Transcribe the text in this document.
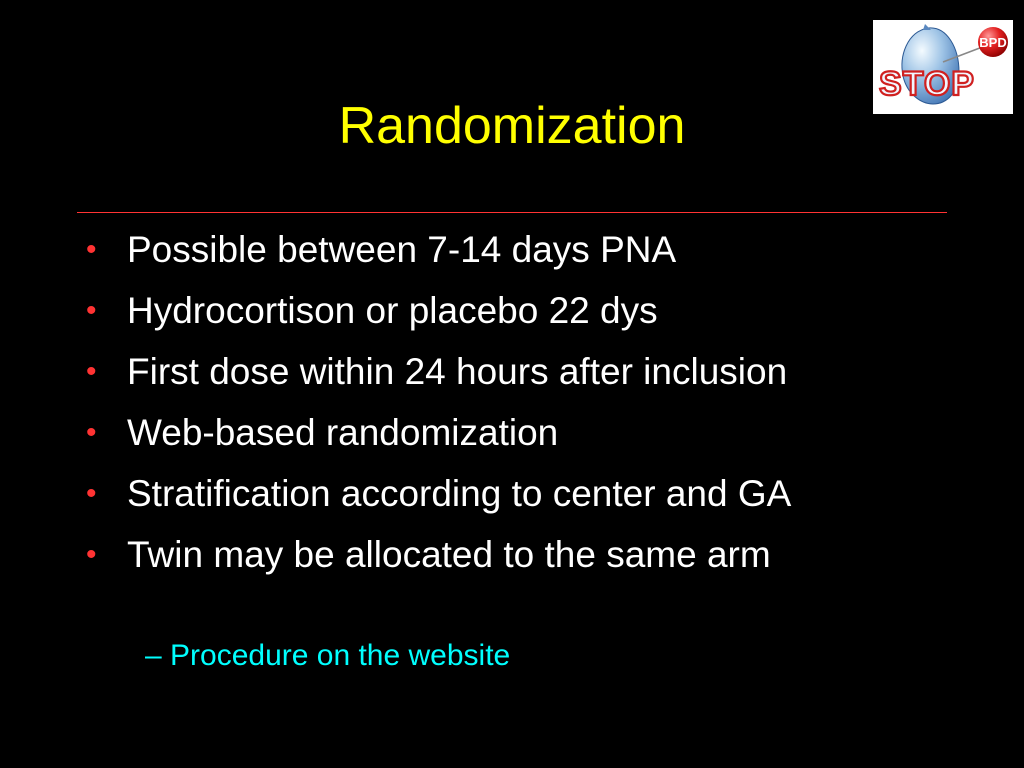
BPD
STOP
Randomization
• Possible between 7-14 days PNA
• Hydrocortison or placebo 22 dys
• First dose within 24 hours after inclusion
• Web-based randomization
• Stratification according to center and GA
• Twin may be allocated to the same arm
– Procedure on the website
